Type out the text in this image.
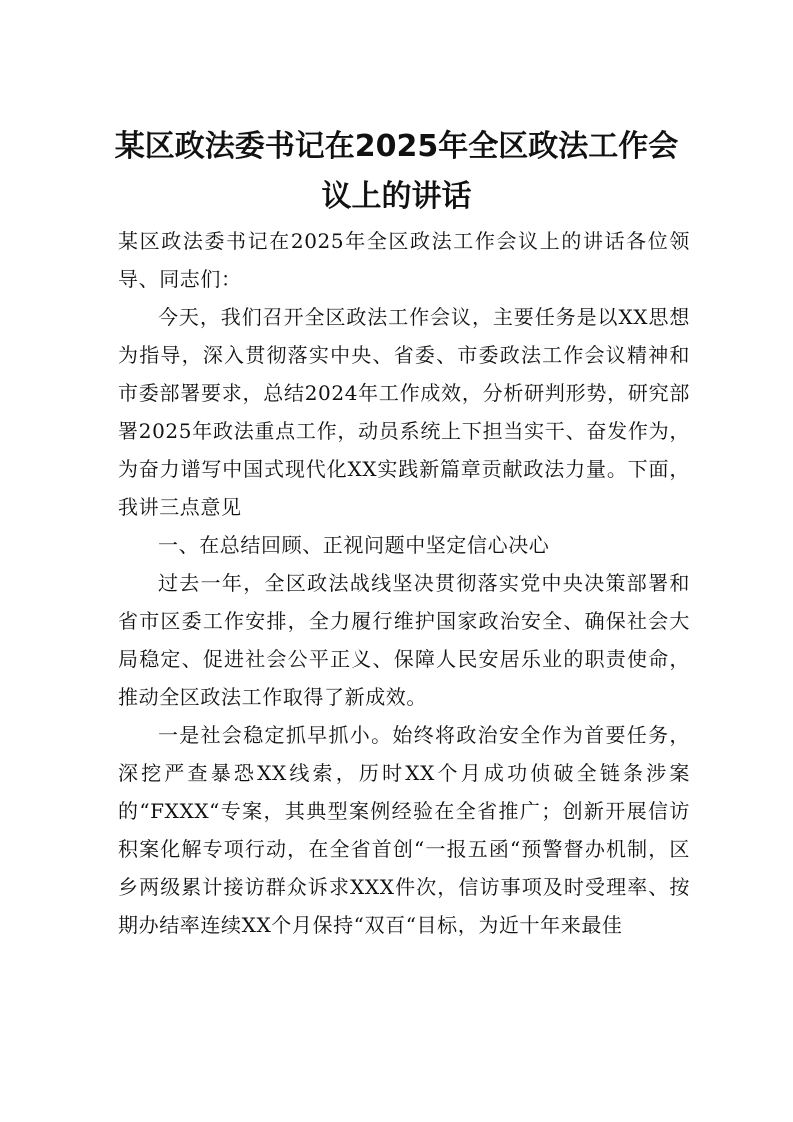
某区政法委书记在2025年全区政法工作会议上的讲话

某区政法委书记在2025年全区政法工作会议上的讲话各位领导、同志们：

今天，我们召开全区政法工作会议，主要任务是以XX思想为指导，深入贯彻落实中央、省委、市委政法工作会议精神和市委部署要求，总结2024年工作成效，分析研判形势，研究部署2025年政法重点工作，动员系统上下担当实干、奋发作为，为奋力谱写中国式现代化XX实践新篇章贡献政法力量。下面，我讲三点意见

一、在总结回顾、正视问题中坚定信心决心

过去一年，全区政法战线坚决贯彻落实党中央决策部署和省市区委工作安排，全力履行维护国家政治安全、确保社会大局稳定、促进社会公平正义、保障人民安居乐业的职责使命，推动全区政法工作取得了新成效。

一是社会稳定抓早抓小。始终将政治安全作为首要任务，深挖严查暴恐XX线索，历时XX个月成功侦破全链条涉案的“FXXX“专案，其典型案例经验在全省推广；创新开展信访积案化解专项行动，在全省首创“一报五函“预警督办机制，区乡两级累计接访群众诉求XXX件次，信访事项及时受理率、按期办结率连续XX个月保持“双百“目标，为近十年来最佳
